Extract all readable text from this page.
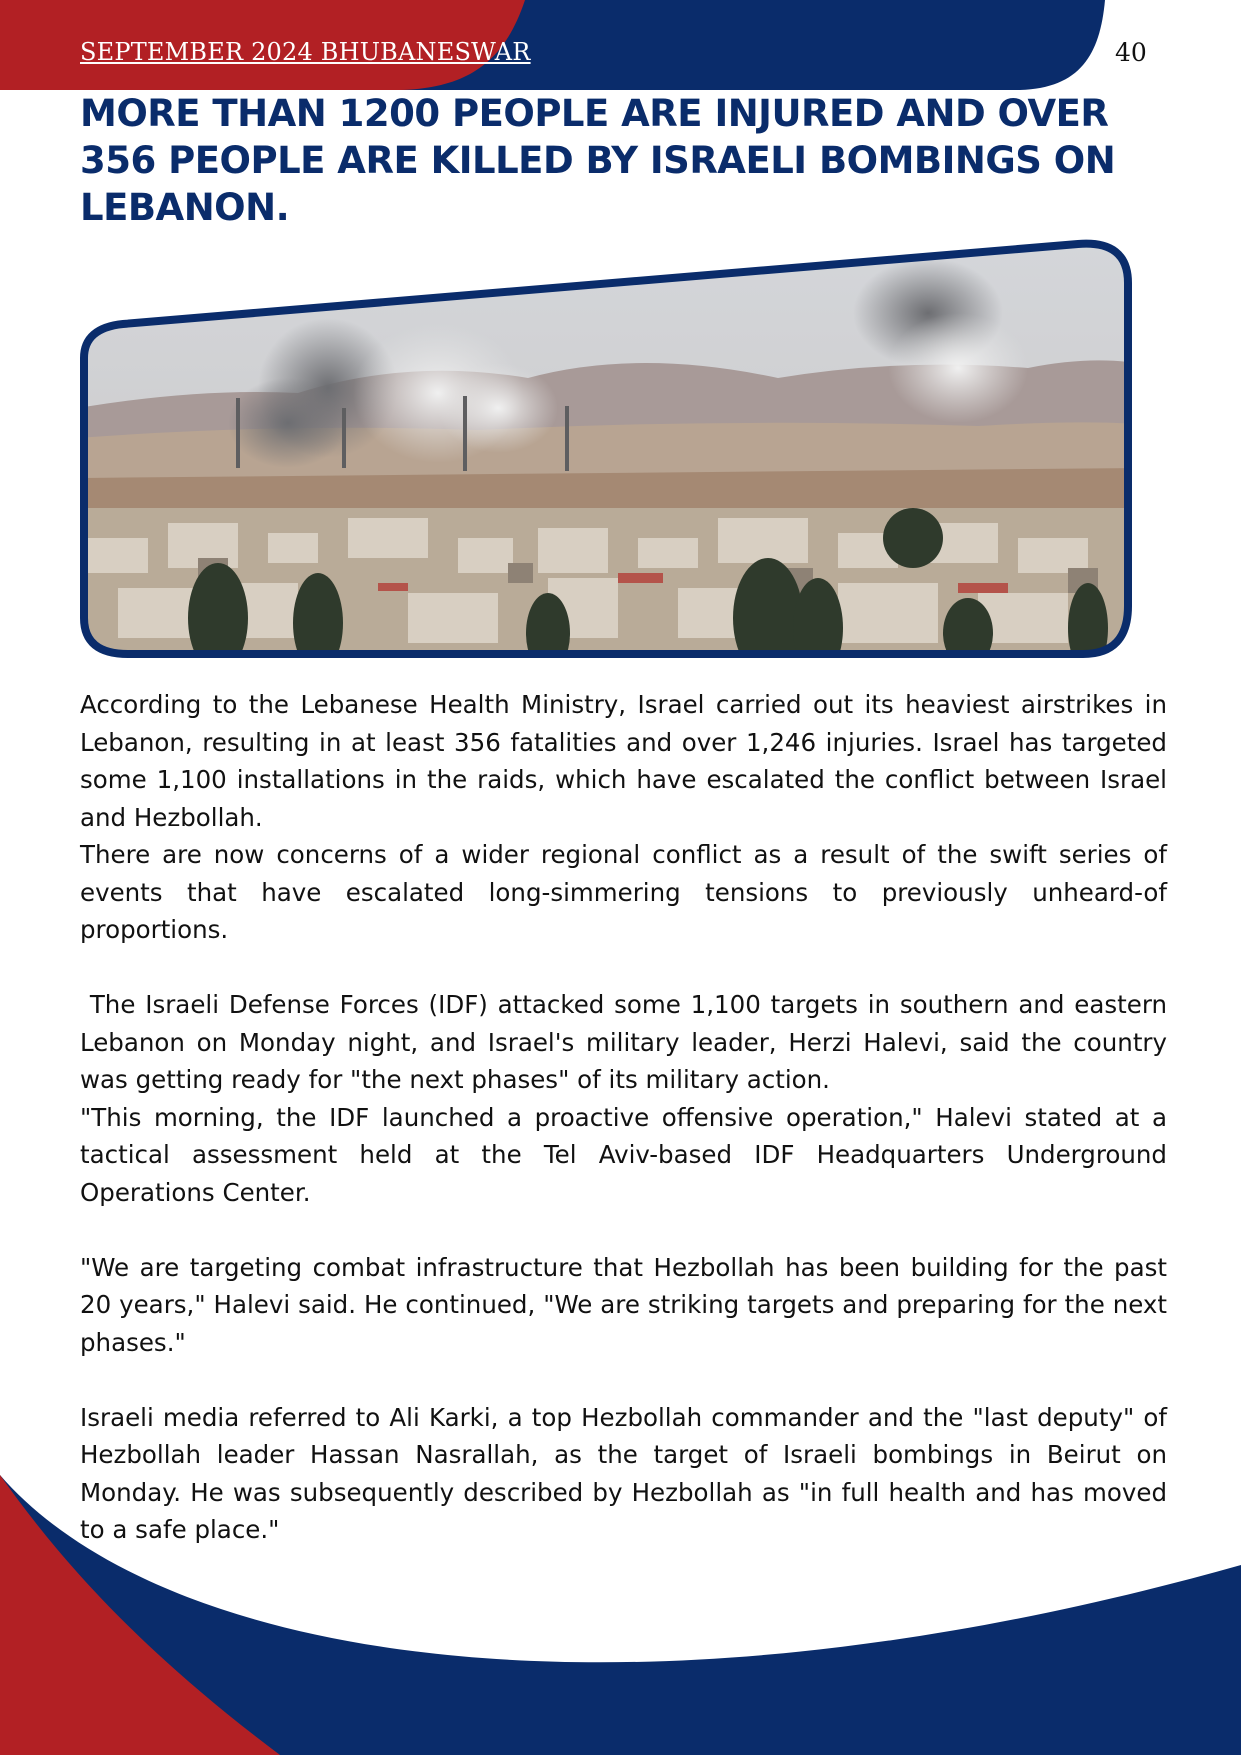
SEPTEMBER 2024 BHUBANESWAR	40
MORE THAN 1200 PEOPLE ARE INJURED AND OVER 356 PEOPLE ARE KILLED BY ISRAELI BOMBINGS ON LEBANON.

According to the Lebanese Health Ministry, Israel carried out its heaviest airstrikes in Lebanon, resulting in at least 356 fatalities and over 1,246 injuries. Israel has targeted some 1,100 installations in the raids, which have escalated the conflict between Israel and Hezbollah.

There are now concerns of a wider regional conflict as a result of the swift series of events that have escalated long-simmering tensions to previously unheard-of proportions.

The Israeli Defense Forces (IDF) attacked some 1,100 targets in southern and eastern Lebanon on Monday night, and Israel's military leader, Herzi Halevi, said the country was getting ready for "the next phases" of its military action.

"This morning, the IDF launched a proactive offensive operation," Halevi stated at a tactical assessment held at the Tel Aviv-based IDF Headquarters Underground Operations Center.

"We are targeting combat infrastructure that Hezbollah has been building for the past 20 years," Halevi said. He continued, "We are striking targets and preparing for the next phases."

Israeli media referred to Ali Karki, a top Hezbollah commander and the "last deputy" of Hezbollah leader Hassan Nasrallah, as the target of Israeli bombings in Beirut on Monday. He was subsequently described by Hezbollah as "in full health and has moved to a safe place."
